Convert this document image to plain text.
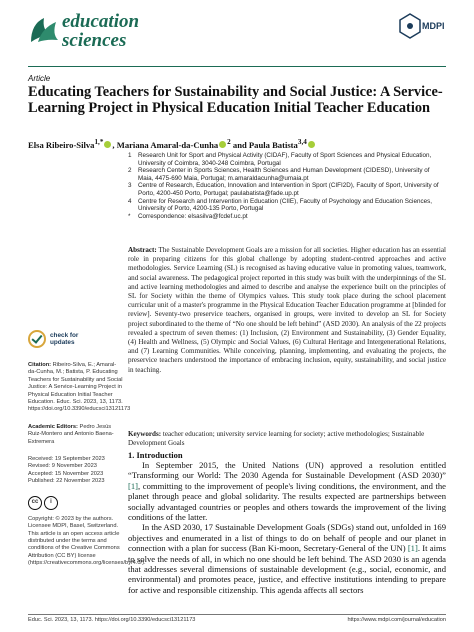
education
sciences
MDPI
Article
Educating Teachers for Sustainability and Social Justice: A Service-Learning Project in Physical Education Initial Teacher Education
Elsa Ribeiro-Silva$^{1,*}$ , Mariana Amaral-da-Cunha $^2$ and Paula Batista$^{3,4}$
1	Research Unit for Sport and Physical Activity (CIDAF), Faculty of Sport Sciences and Physical Education, University of Coimbra, 3040-248 Coimbra, Portugal
2	Research Center in Sports Sciences, Health Sciences and Human Development (CIDESD), University of Maia, 4475-690 Maia, Portugal; m.amaraldacunha@umaia.pt
3	Centre of Research, Education, Innovation and Intervention in Sport (CIFI2D), Faculty of Sport, University of Porto, 4200-450 Porto, Portugal; paulabatista@fade.up.pt
4	Centre for Research and Intervention in Education (CIIE), Faculty of Psychology and Education Sciences, University of Porto, 4200-135 Porto, Portugal
*	Correspondence: elsasilva@fcdef.uc.pt
Abstract: The Sustainable Development Goals are a mission for all societies. Higher education has an essential role in preparing citizens for this global challenge by adopting student-centred approaches and active methodologies. Service Learning (SL) is recognised as having educative value in promoting values, teamwork, and social awareness. The pedagogical project reported in this study was built with the underpinnings of the SL and active learning methodologies and aimed to describe and analyse the experience built on the principles of SL for Society within the theme of Olympics values. This study took place during the school placement curricular unit of a master's programme in the Physical Education Teacher Education programme at [blinded for review]. Seventy-two preservice teachers, organised in groups, were invited to develop an SL for Society project subordinated to the theme of “No one should be left behind” (ASD 2030). An analysis of the 22 projects revealed a spectrum of seven themes: (1) Inclusion, (2) Environment and Sustainability, (3) Gender Equality, (4) Health and Wellness, (5) Olympic and Social Values, (6) Cultural Heritage and Intergenerational Relations, and (7) Learning Communities. While conceiving, planning, implementing, and evaluating the projects, the preservice teachers understood the importance of embracing inclusion, equity, sustainability, and social justice in teaching.
Keywords: teacher education; university service learning for society; active methodologies; Sustainable Development Goals
check for
updates

Citation: Ribeiro-Silva, E.; Amaral-da-Cunha, M.; Batista, P. Educating Teachers for Sustainability and Social Justice: A Service-Learning Project in Physical Education Initial Teacher Education. Educ. Sci. 2023, 13, 1173. https://doi.org/10.3390/educsci13121173

Academic Editors: Pedro Jesús Ruiz-Montero and Antonio Baena-Extremera

Received: 19 September 2023
Revised: 9 November 2023
Accepted: 15 November 2023
Published: 22 November 2023

cc	i

Copyright: © 2023 by the authors. Licensee MDPI, Basel, Switzerland. This article is an open access article distributed under the terms and conditions of the Creative Commons Attribution (CC BY) license (https://creativecommons.org/licenses/by/4.0/).

1. Introduction

In September 2015, the United Nations (UN) approved a resolution entitled “Transforming our World: The 2030 Agenda for Sustainable Development (ASD 2030)” [1], committing to the improvement of people's living conditions, the environment, and the planet through peace and global solidarity. The results expected are partnerships between socially advantaged countries or peoples and others towards the improvement of the living conditions of the latter.

In the ASD 2030, 17 Sustainable Development Goals (SDGs) stand out, unfolded in 169 objectives and enumerated in a list of things to do on behalf of people and our planet in connection with a plan for success (Ban Ki-moon, Secretary-General of the UN) [1]. It aims to solve the needs of all, in which no one should be left behind. The ASD 2030 is an agenda that addresses several dimensions of sustainable development (e.g., social, economic, and environmental) and promotes peace, justice, and effective institutions intending to prepare for active and responsible citizenship. This agenda affects all sectors

Educ. Sci. 2023, 13, 1173. https://doi.org/10.3390/educsci13121173	https://www.mdpi.com/journal/education
